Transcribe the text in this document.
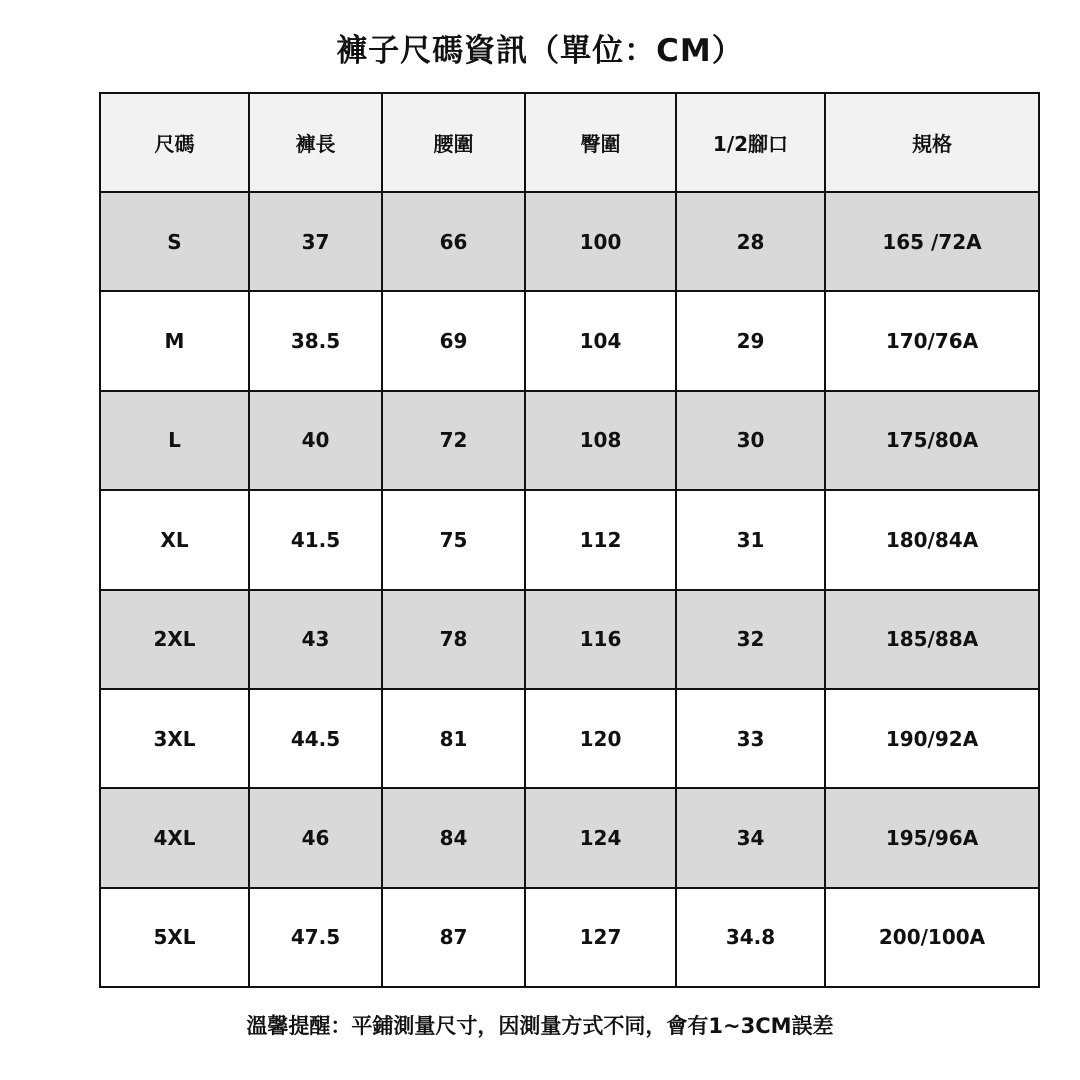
褲子尺碼資訊（單位：CM）
尺碼	褲長	腰圍	臀圍	1/2腳口	規格
S	37	66	100	28	165 /72A
M	38.5	69	104	29	170/76A
L	40	72	108	30	175/80A
XL	41.5	75	112	31	180/84A
2XL	43	78	116	32	185/88A
3XL	44.5	81	120	33	190/92A
4XL	46	84	124	34	195/96A
5XL	47.5	87	127	34.8	200/100A
溫馨提醒：平鋪測量尺寸，因測量方式不同，會有1~3CM誤差
